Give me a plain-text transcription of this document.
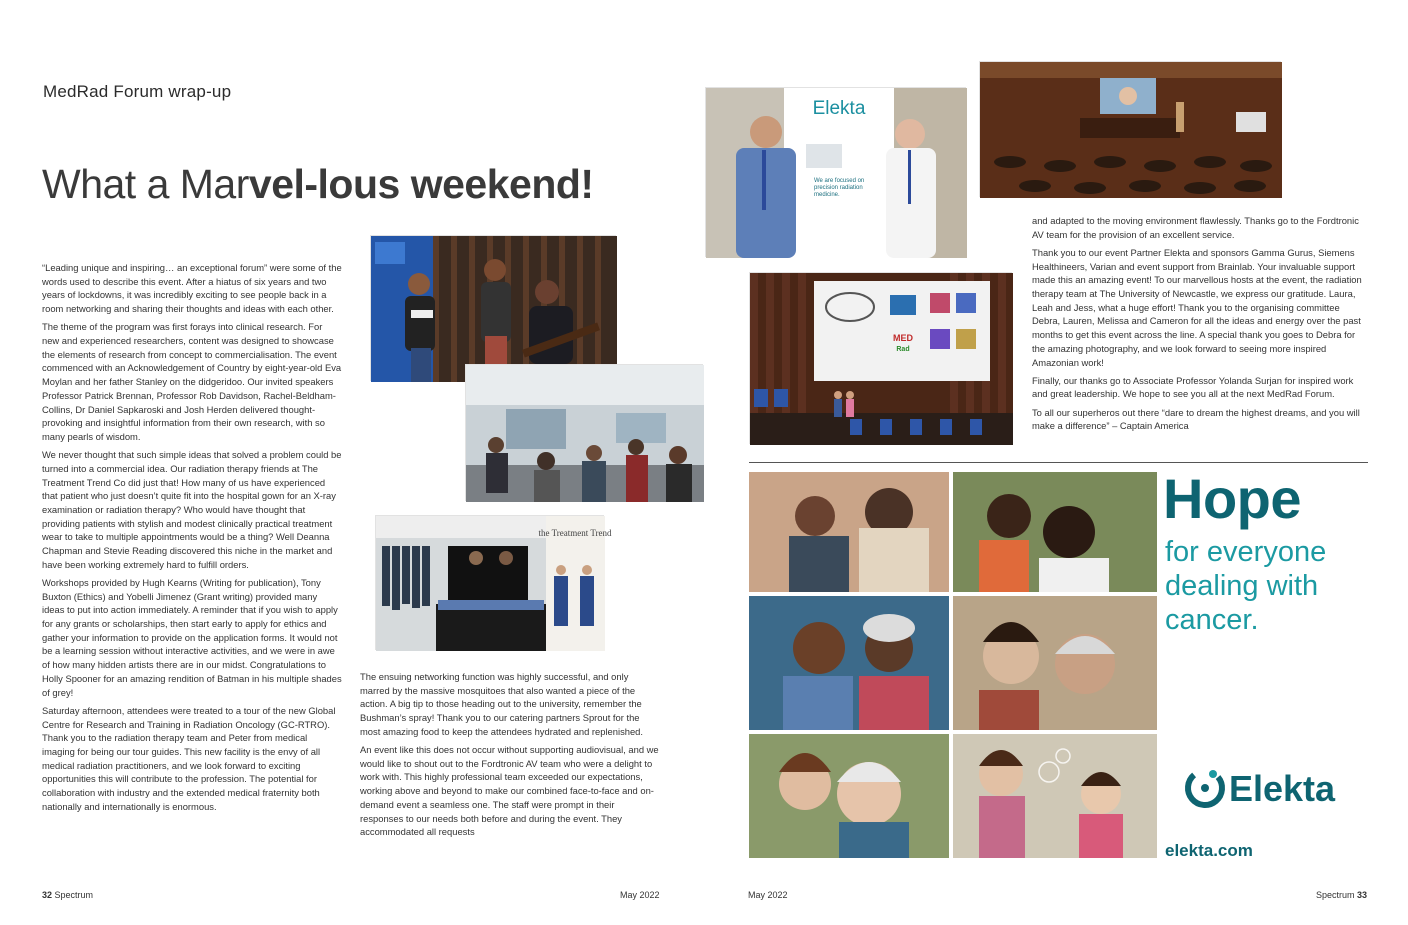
MedRad Forum wrap-up
What a Marvel-lous weekend!

“Leading unique and inspiring… an exceptional forum” were some of the words used to describe this event. After a hiatus of six years and two years of lockdowns, it was incredibly exciting to see people back in a room networking and sharing their thoughts and ideas with each other.

The theme of the program was first forays into clinical research. For new and experienced researchers, content was designed to showcase the elements of research from concept to commercialisation. The event commenced with an Acknowledgement of Country by eight-year-old Eva Moylan and her father Stanley on the didgeridoo. Our invited speakers Professor Patrick Brennan, Professor Rob Davidson, Rachel-Beldham-Collins, Dr Daniel Sapkaroski and Josh Herden delivered thought-provoking and insightful information from their own research, with so many pearls of wisdom.

We never thought that such simple ideas that solved a problem could be turned into a commercial idea. Our radiation therapy friends at The Treatment Trend Co did just that! How many of us have experienced that patient who just doesn’t quite fit into the hospital gown for an X-ray examination or radiation therapy? Who would have thought that providing patients with stylish and modest clinically practical treatment wear to take to multiple appointments would be a thing? Well Deanna Chapman and Stevie Reading discovered this niche in the market and have been working extremely hard to fulfill orders.

Workshops provided by Hugh Kearns (Writing for publication), Tony Buxton (Ethics) and Yobelli Jimenez (Grant writing) provided many ideas to put into action immediately. A reminder that if you wish to apply for any grants or scholarships, then start early to apply for ethics and gather your information to provide on the application forms. It would not be a learning session without interactive activities, and we were in awe of how many hidden artists there are in our midst. Congratulations to Holly Spooner for an amazing rendition of Batman in his multiple shades of grey!

Saturday afternoon, attendees were treated to a tour of the new Global Centre for Research and Training in Radiation Oncology (GC-RTRO). Thank you to the radiation therapy team and Peter from medical imaging for being our tour guides. This new facility is the envy of all medical radiation practitioners, and we look forward to exciting opportunities this will contribute to the profession. The potential for collaboration with industry and the extended medical fraternity both nationally and internationally is enormous.

the Treatment Trend

The ensuing networking function was highly successful, and only marred by the massive mosquitoes that also wanted a piece of the action. A big tip to those heading out to the university, remember the Bushman’s spray! Thank you to our catering partners Sprout for the most amazing food to keep the attendees hydrated and replenished.

An event like this does not occur without supporting audiovisual, and we would like to shout out to the Fordtronic AV team who were a delight to work with. This highly professional team exceeded our expectations, working above and beyond to make our combined face-to-face and on-demand event a seamless one. The staff were prompt in their responses to our needs both before and during the event. They accommodated all requests

Elekta
We are focused on precision radiation medicine.
MED
Rad

and adapted to the moving environment flawlessly. Thanks go to the Fordtronic AV team for the provision of an excellent service.

Thank you to our event Partner Elekta and sponsors Gamma Gurus, Siemens Healthineers, Varian and event support from Brainlab. Your invaluable support made this an amazing event! To our marvellous hosts at the event, the radiation therapy team at The University of Newcastle, we express our gratitude. Laura, Leah and Jess, what a huge effort! Thank you to the organising committee Debra, Lauren, Melissa and Cameron for all the ideas and energy over the past months to get this event across the line. A special thank you goes to Debra for the amazing photography, and we look forward to seeing more inspired Amazonian work!

Finally, our thanks go to Associate Professor Yolanda Surjan for inspired work and great leadership. We hope to see you all at the next MedRad Forum.

To all our superheros out there “dare to dream the highest dreams, and you will make a difference” – Captain America

Hope
for everyone dealing with cancer.
Elekta
elekta.com
32 Spectrum	May 2022	May 2022	Spectrum 33
